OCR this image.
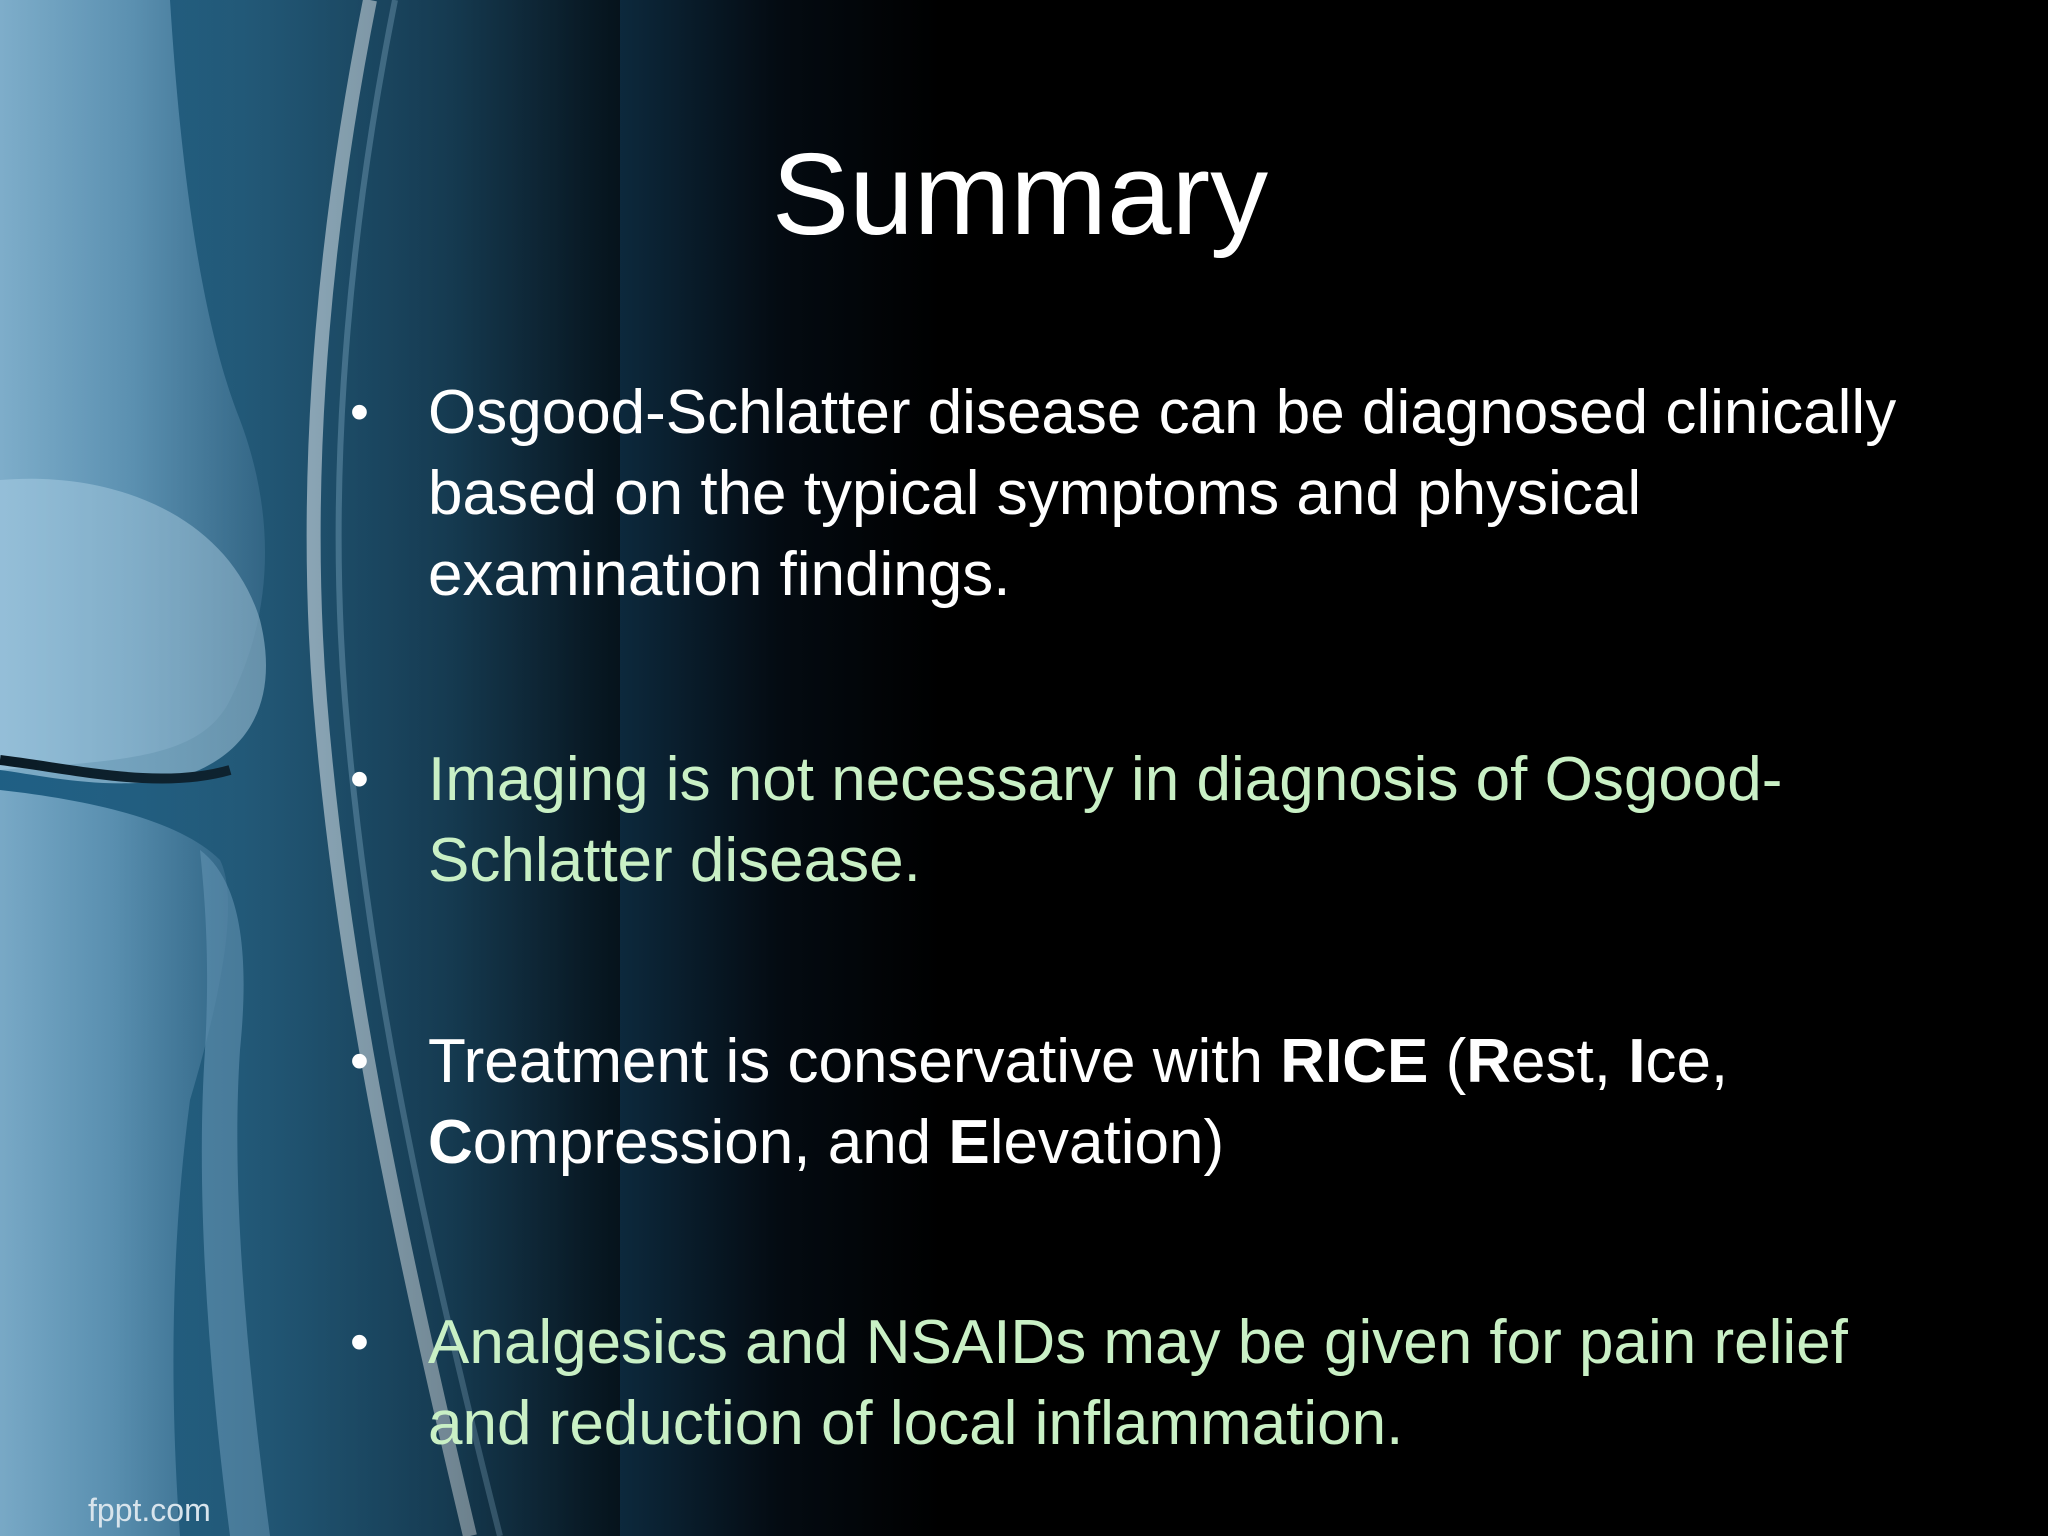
Summary
• Osgood-Schlatter disease can be diagnosed clinically based on the typical symptoms and physical examination findings.
• Imaging is not necessary in diagnosis of Osgood-Schlatter disease.
• Treatment is conservative with RICE (Rest, Ice,
Compression, and Elevation)
• Analgesics and NSAIDs may be given for pain relief and reduction of local inflammation.
fppt.com
